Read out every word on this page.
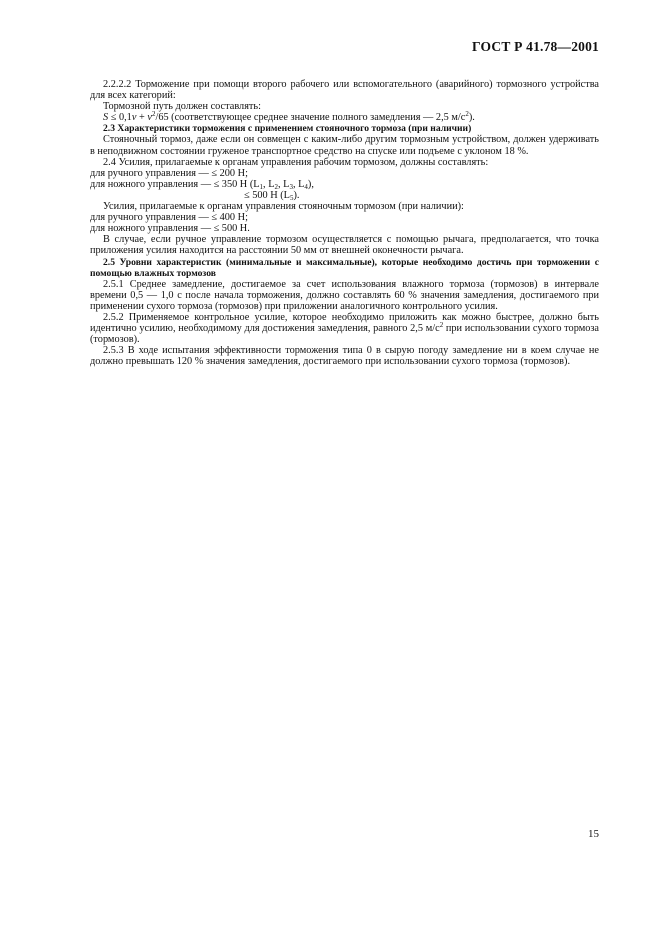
ГОСТ Р 41.78—2001

2.2.2.2 Торможение при помощи второго рабочего или вспомогательного (аварийного) тормозного устройства для всех категорий:

Тормозной путь должен составлять:

$S \le 0,1v + v^2/65$ (соответствующее среднее значение полного замедления — 2,5 $м/с^2$).

2.3 Характеристики торможения с применением стояночного тормоза (при наличии)

Стояночный тормоз, даже если он совмещен с каким-либо другим тормозным устройством, должен удерживать в неподвижном состоянии груженое транспортное средство на спуске или подъеме с уклоном 18 %.

2.4 Усилия, прилагаемые к органам управления рабочим тормозом, должны составлять:

для ручного управления — ≤ 200 Н;

для ножного управления — ≤ 350 Н ($L_1$, $L_2$, $L_3$, $L_4$),

≤ 500 Н $(L_5)$.

Усилия, прилагаемые к органам управления стояночным тормозом (при наличии):

для ручного управления — ≤ 400 Н;

для ножного управления — ≤ 500 Н.

В случае, если ручное управление тормозом осуществляется с помощью рычага, предполагается, что точка приложения усилия находится на расстоянии 50 мм от внешней оконечности рычага.

2.5 Уровни характеристик (минимальные и максимальные), которые необходимо достичь при торможении с помощью влажных тормозов

2.5.1 Среднее замедление, достигаемое за счет использования влажного тормоза (тормозов) в интервале времени 0,5 — 1,0 с после начала торможения, должно составлять 60 % значения замедления, достигаемого при применении сухого тормоза (тормозов) при приложении аналогичного контрольного усилия.

2.5.2 Применяемое контрольное усилие, которое необходимо приложить как можно быстрее, должно быть идентично усилию, необходимому для достижения замедления, равного 2,5 $м/с^2$ при использовании сухого тормоза (тормозов).

2.5.3 В ходе испытания эффективности торможения типа 0 в сырую погоду замедление ни в коем случае не должно превышать 120 % значения замедления, достигаемого при использовании сухого тормоза (тормозов).

15
